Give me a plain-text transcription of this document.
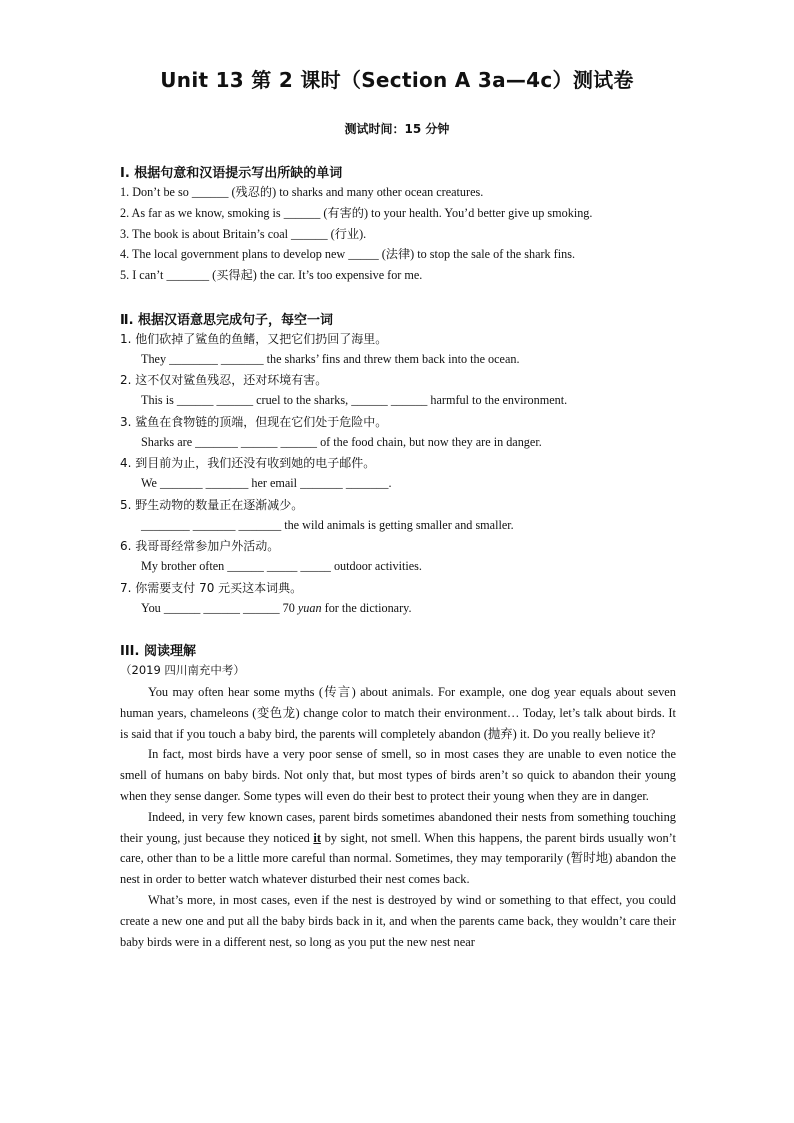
Unit 13 第 2 课时（Section A 3a—4c）测试卷
测试时间：15 分钟
Ⅰ. 根据句意和汉语提示写出所缺的单词
1. Don’t be so ______ (残忍的) to sharks and many other ocean creatures.
2. As far as we know, smoking is ______ (有害的) to your health. You’d better give up smoking.
3. The book is about Britain’s coal ______ (行业).
4. The local government plans to develop new _____ (法律) to stop the sale of the shark fins.
5. I can’t _______ (买得起) the car. It’s too expensive for me.
Ⅱ. 根据汉语意思完成句子，每空一词
1. 他们砍掉了鲨鱼的鱼鳍，又把它们扔回了海里。
They ________ _______ the sharks’ fins and threw them back into the ocean.
2. 这不仅对鲨鱼残忍，还对环境有害。
This is ______ ______ cruel to the sharks, ______ ______ harmful to the environment.
3. 鲨鱼在食物链的顶端，但现在它们处于危险中。
Sharks are _______ ______ ______ of the food chain, but now they are in danger.
4. 到目前为止，我们还没有收到她的电子邮件。
We _______ _______ her email _______ _______.
5. 野生动物的数量正在逐渐减少。
________ _______ _______ the wild animals is getting smaller and smaller.
6. 我哥哥经常参加户外活动。
My brother often ______ _____ _____ outdoor activities.
7. 你需要支付 70 元买这本词典。
You ______ ______ ______ 70 yuan for the dictionary.
III. 阅读理解
（2019 四川南充中考）

You may often hear some myths (传言) about animals. For example, one dog year equals about seven human years, chameleons (变色龙) change color to match their environment… Today, let’s talk about birds. It is said that if you touch a baby bird, the parents will completely abandon (抛弃) it. Do you really believe it?

In fact, most birds have a very poor sense of smell, so in most cases they are unable to even notice the smell of humans on baby birds. Not only that, but most types of birds aren’t so quick to abandon their young when they sense danger. Some types will even do their best to protect their young when they are in danger.

Indeed, in very few known cases, parent birds sometimes abandoned their nests from something touching their young, just because they noticed it by sight, not smell. When this happens, the parent birds usually won’t care, other than to be a little more careful than normal. Sometimes, they may temporarily (暂时地) abandon the nest in order to better watch whatever disturbed their nest comes back.

What’s more, in most cases, even if the nest is destroyed by wind or something to that effect, you could create a new one and put all the baby birds back in it, and when the parents came back, they wouldn’t care their baby birds were in a different nest, so long as you put the new nest near
